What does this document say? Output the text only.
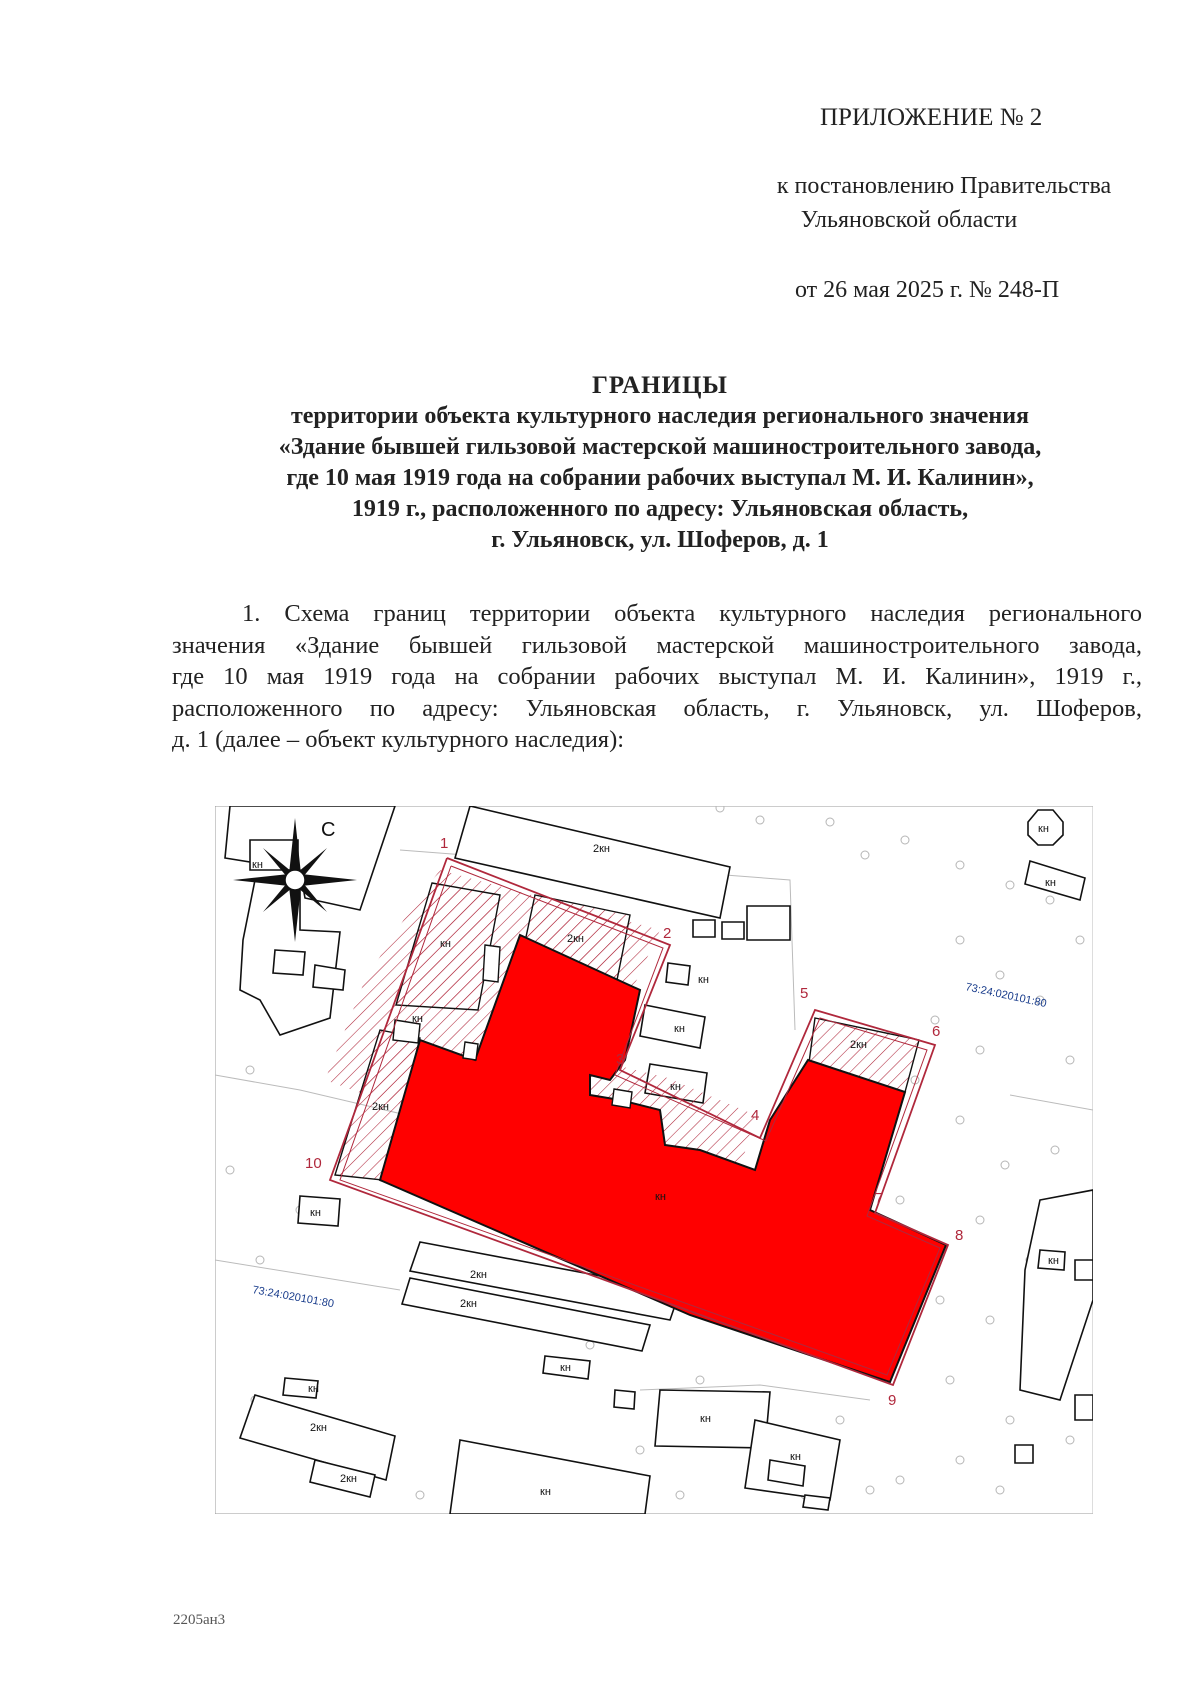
ПРИЛОЖЕНИЕ № 2
к постановлению Правительства
Ульяновской области
от 26 мая 2025 г. № 248-П
ГРАНИЦЫ
территории объекта культурного наследия регионального значения
«Здание бывшей гильзовой мастерской машиностроительного завода,
где 10 мая 1919 года на собрании рабочих выступал М. И. Калинин»,
1919 г., расположенного по адресу: Ульяновская область,
г. Ульяновск, ул. Шоферов, д. 1
1. Схема границ территории объекта культурного наследия регионального
значения «Здание бывшей гильзовой мастерской машиностроительного завода,
где 10 мая 1919 года на собрании рабочих выступал М. И. Калинин», 1919 г.,
расположенного по адресу: Ульяновская область, г. Ульяновск, ул. Шоферов,
д. 1 (далее – объект культурного наследия):
С
73:24:020101:80
73:24:020101:80
2кн
кн	2кн
кн
2кн
кн
кн
кн
2кн
кн
кн
кн
кн
кн
2кн
2кн
кн
кн
2кн
2кн
кн
кн
кн
кн
1
2
3
4
5
6
7
8
9
10
2205ан3
